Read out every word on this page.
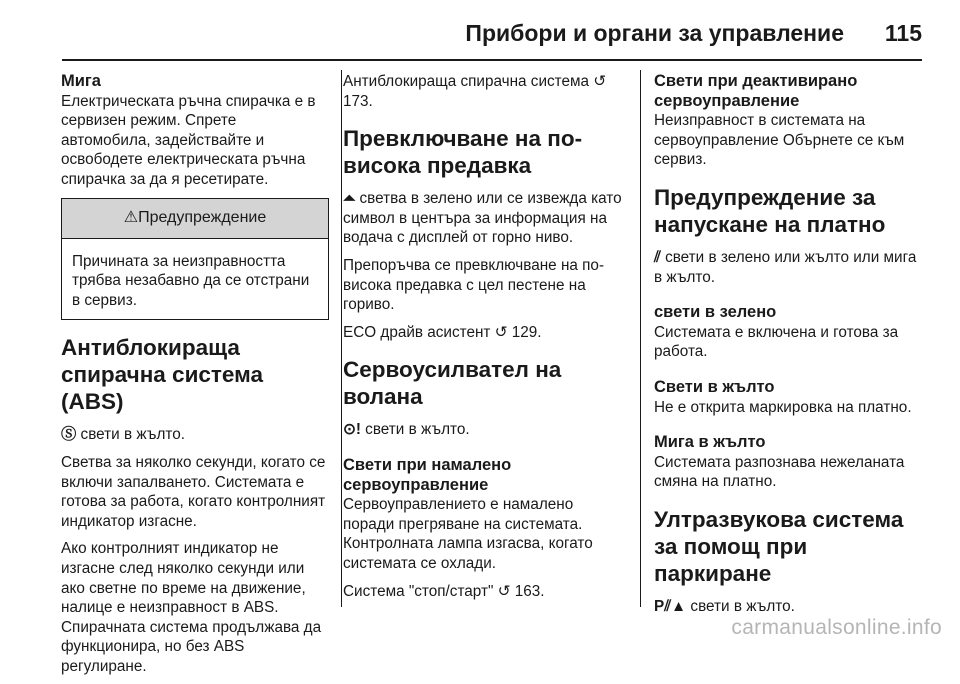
Прибори и органи за управление 115

Мига

Електрическата ръчна спирачка е в сервизен режим. Спрете автомобила, задействайте и освободете електрическата ръчна спирачка за да я ресетирате.

⚠Предупреждение
Причината за неизправността трябва незабавно да се отстрани в сервиз.

Антиблокираща спирачна система (ABS)

Ⓢ свети в жълто.

Светва за няколко секунди, когато се включи запалването. Системата е готова за работа, когато контролният индикатор изгасне.

Ако контролният индикатор не изгасне след няколко секунди или ако светне по време на движение, налице е неизправност в ABS. Спирачната система продължава да функционира, но без ABS регулиране.

Антиблокираща спирачна система ↺ 173.

Превключване на по-висока предавка

⏶ светва в зелено или се извежда като символ в центъра за информация на водача с дисплей от горно ниво.

Препоръчва се превключване на по-висока предавка с цел пестене на гориво.

ECO драйв асистент ↺ 129.

Сервоусилвател на волана

⊙! свети в жълто.

Свети при намалено сервоуправление

Сервоуправлението е намалено поради прегряване на системата. Контролната лампа изгасва, когато системата се охлади.

Система "стоп/старт" ↺ 163.

Свети при деактивирано сервоуправление

Неизправност в системата на сервоуправление Обърнете се към сервиз.

Предупреждение за напускане на платно

⫽ свети в зелено или жълто или мига в жълто.

свети в зелено

Системата е включена и готова за работа.

Свети в жълто

Не е открита маркировка на платно.

Мига в жълто

Системата разпознава нежеланата смяна на платно.

Ултразвукова система за помощ при паркиране

P⫽▲ свети в жълто.

carmanualsonline.info
